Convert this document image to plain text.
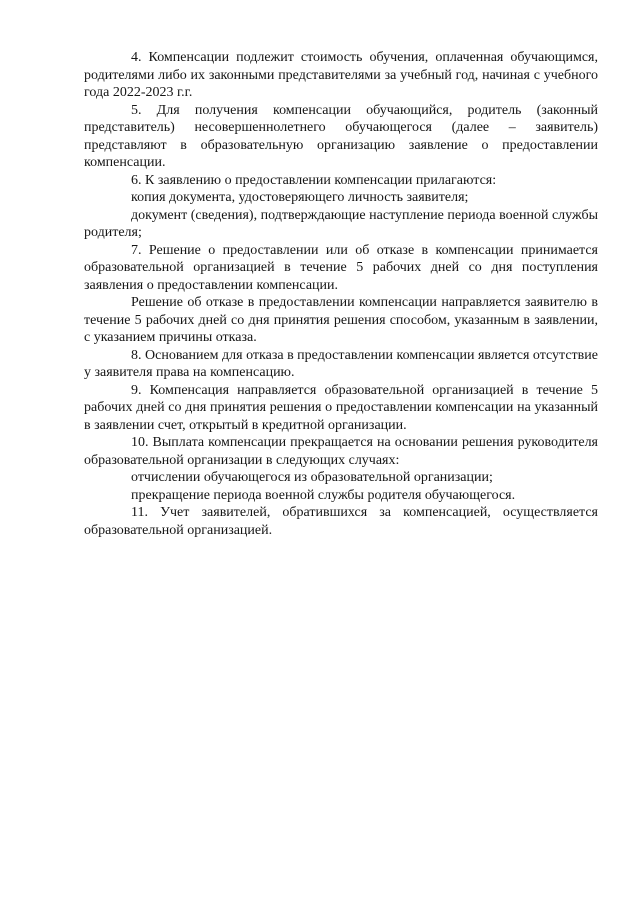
4. Компенсации подлежит стоимость обучения, оплаченная обучающимся, родителями либо их законными представителями за учебный год, начиная с учебного года 2022-2023 г.г.

5. Для получения компенсации обучающийся, родитель (законный представитель) несовершеннолетнего обучающегося (далее – заявитель) представляют в образовательную организацию заявление о предоставлении компенсации.

6. К заявлению о предоставлении компенсации прилагаются:

копия документа, удостоверяющего личность заявителя;

документ (сведения), подтверждающие наступление периода военной службы родителя;

7. Решение о предоставлении или об отказе в компенсации принимается образовательной организацией в течение 5 рабочих дней со дня поступления заявления о предоставлении компенсации.

Решение об отказе в предоставлении компенсации направляется заявителю в течение 5 рабочих дней со дня принятия решения способом, указанным в заявлении, с указанием причины отказа.

8. Основанием для отказа в предоставлении компенсации является отсутствие у заявителя права на компенсацию.

9. Компенсация направляется образовательной организацией в течение 5 рабочих дней со дня принятия решения о предоставлении компенсации на указанный в заявлении счет, открытый в кредитной организации.

10. Выплата компенсации прекращается на основании решения руководителя образовательной организации в следующих случаях:

отчислении обучающегося из образовательной организации;

прекращение периода военной службы родителя обучающегося.

11. Учет заявителей, обратившихся за компенсацией, осуществляется образовательной организацией.
